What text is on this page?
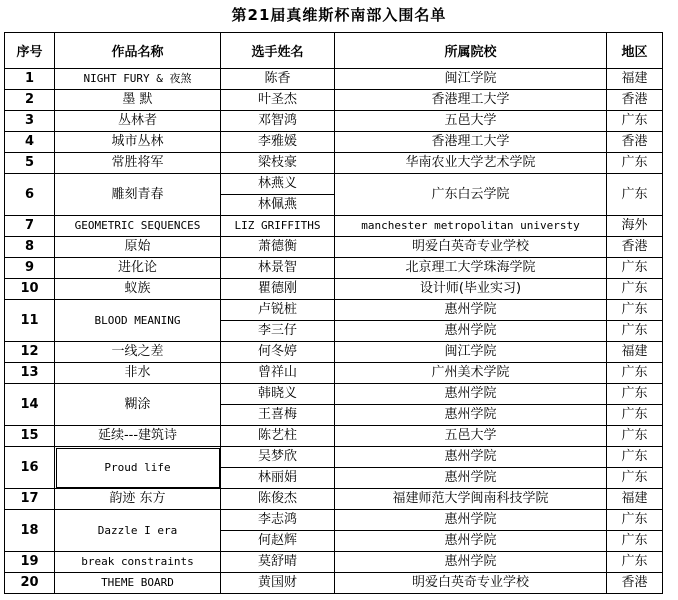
第21届真维斯杯南部入围名单
序号	作品名称	选手姓名	所属院校	地区
1	NIGHT FURY & 夜煞	陈香	闽江学院	福建
2	墨 默	叶圣杰	香港理工大学	香港
3	丛林者	邓智鸿	五邑大学	广东
4	城市丛林	李雅媛	香港理工大学	香港
5	常胜将军	梁枝豪	华南农业大学艺术学院	广东
6	雕刻青春	林燕义	广东白云学院	广东
		林佩燕		
7	GEOMETRIC SEQUENCES	LIZ GRIFFITHS	manchester metropolitan universty	海外
8	原始	萧德衡	明爱白英奇专业学校	香港
9	进化论	林景智	北京理工大学珠海学院	广东
10	蚁族	瞿德刚	设计师(毕业实习)	广东
11	BLOOD MEANING	卢锐桩	惠州学院	广东
		李三仔	惠州学院	广东
12	一线之差	何冬婷	闽江学院	福建
13	非水	曾祥山	广州美术学院	广东
14	糊涂	韩晓义	惠州学院	广东
		王喜梅	惠州学院	广东
15	延续---建筑诗	陈艺柱	五邑大学	广东
16	Proud life	吴梦欣	惠州学院	广东
		林丽娟	惠州学院	广东
17	韵迹 东方	陈俊杰	福建师范大学闽南科技学院	福建
18	Dazzle I era	李志鸿	惠州学院	广东
		何赵辉	惠州学院	广东
19	break constraints	莫舒晴	惠州学院	广东
20	THEME BOARD	黄国财	明爱白英奇专业学校	香港
